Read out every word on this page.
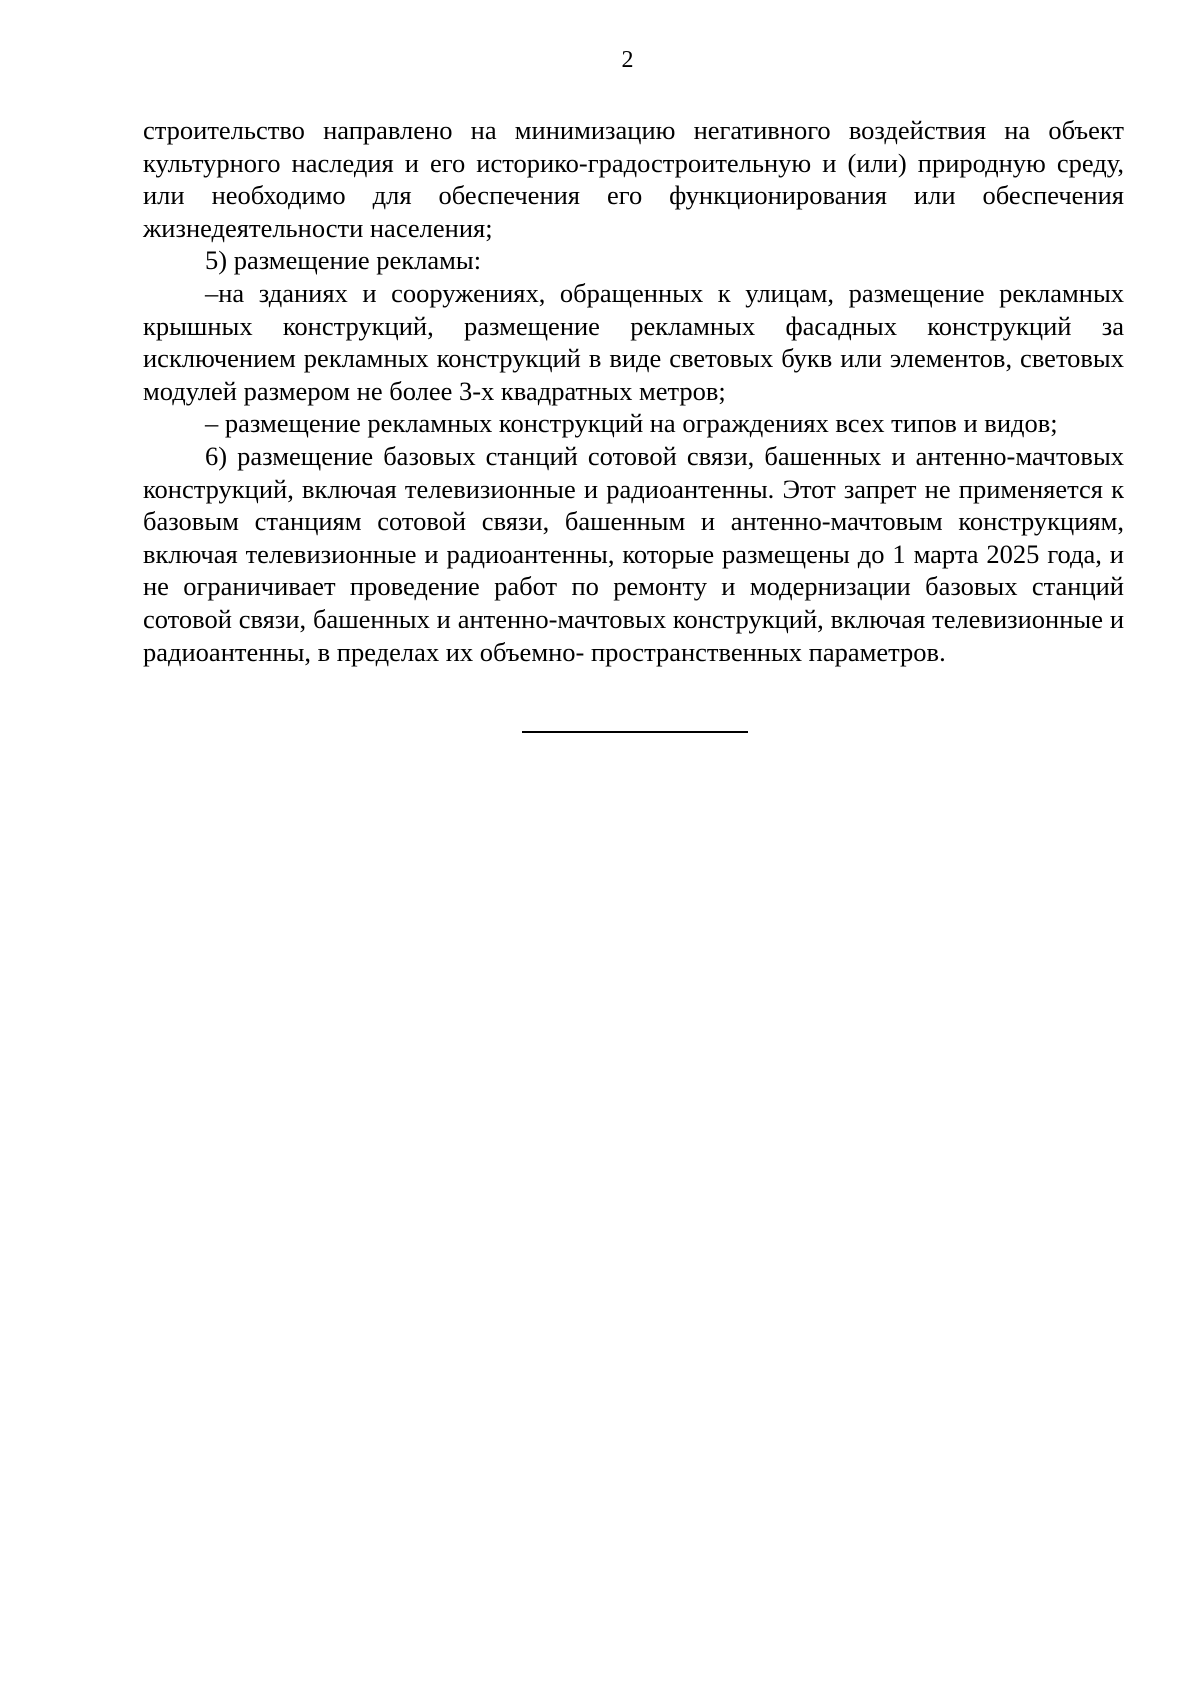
2

строительство направлено на минимизацию негативного воздействия на объект культурного наследия и его историко-градостроительную и (или) природную среду, или необходимо для обеспечения его функционирования или обеспечения жизнедеятельности населения;

5) размещение рекламы:

–на зданиях и сооружениях, обращенных к улицам, размещение рекламных крышных конструкций, размещение рекламных фасадных конструкций за исключением рекламных конструкций в виде световых букв или элементов, световых модулей размером не более 3-х квадратных метров;

– размещение рекламных конструкций на ограждениях всех типов и видов;

6) размещение базовых станций сотовой связи, башенных и антенно-мачтовых конструкций, включая телевизионные и радиоантенны. Этот запрет не применяется к базовым станциям сотовой связи, башенным и антенно-мачтовым конструкциям, включая телевизионные и радиоантенны, которые размещены до 1 марта 2025 года, и не ограничивает проведение работ по ремонту и модернизации базовых станций сотовой связи, башенных и антенно-мачтовых конструкций, включая телевизионные и радиоантенны, в пределах их объемно- пространственных параметров.
